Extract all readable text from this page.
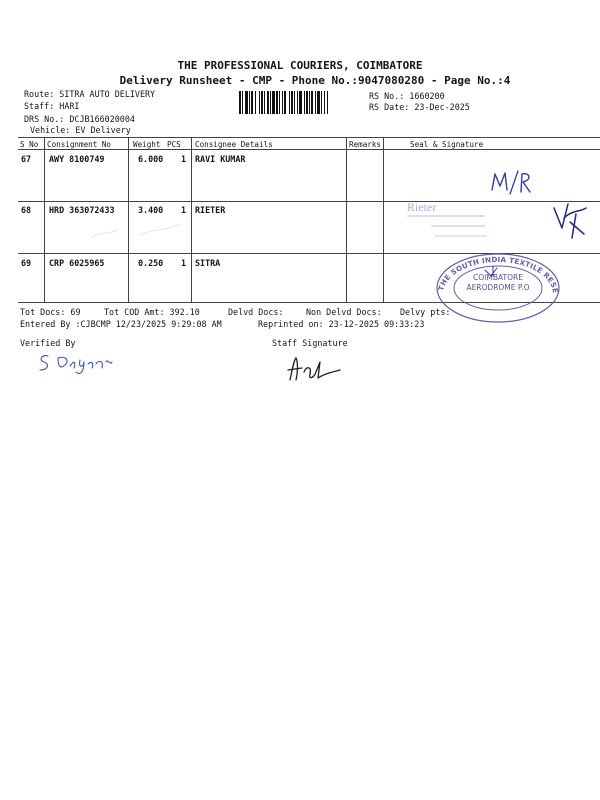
THE PROFESSIONAL COURIERS, COIMBATORE
Delivery Runsheet - CMP - Phone No.:9047080280 - Page No.:4
Route: SITRA AUTO DELIVERY
Staff: HARI
DRS No.: DCJB166020004
Vehicle: EV Delivery
RS No.: 1660200
RS Date: 23-Dec-2025
S No Consignment No	Weight PCS Consignee Details	Remarks	Seal & Signature
67 AWY 8100749	6.000 1 RAVI KUMAR
68 HRD 363072433	3.400 1 RIETER
69 CRP 6025965	0.250 1 SITRA
Rieter
THE SOUTH INDIA TEXTILE RESEARCH ASSOCIATION
COIMBATORE
AERODROME P.O
Tot Docs: 69	Tot COD Amt: 392.10	Delvd Docs:	Non Delvd Docs: Delvy pts:
Entered By :CJBCMP 12/23/2025 9:29:08 AM	Reprinted on: 23-12-2025 09:33:23
Verified By	Staff Signature
